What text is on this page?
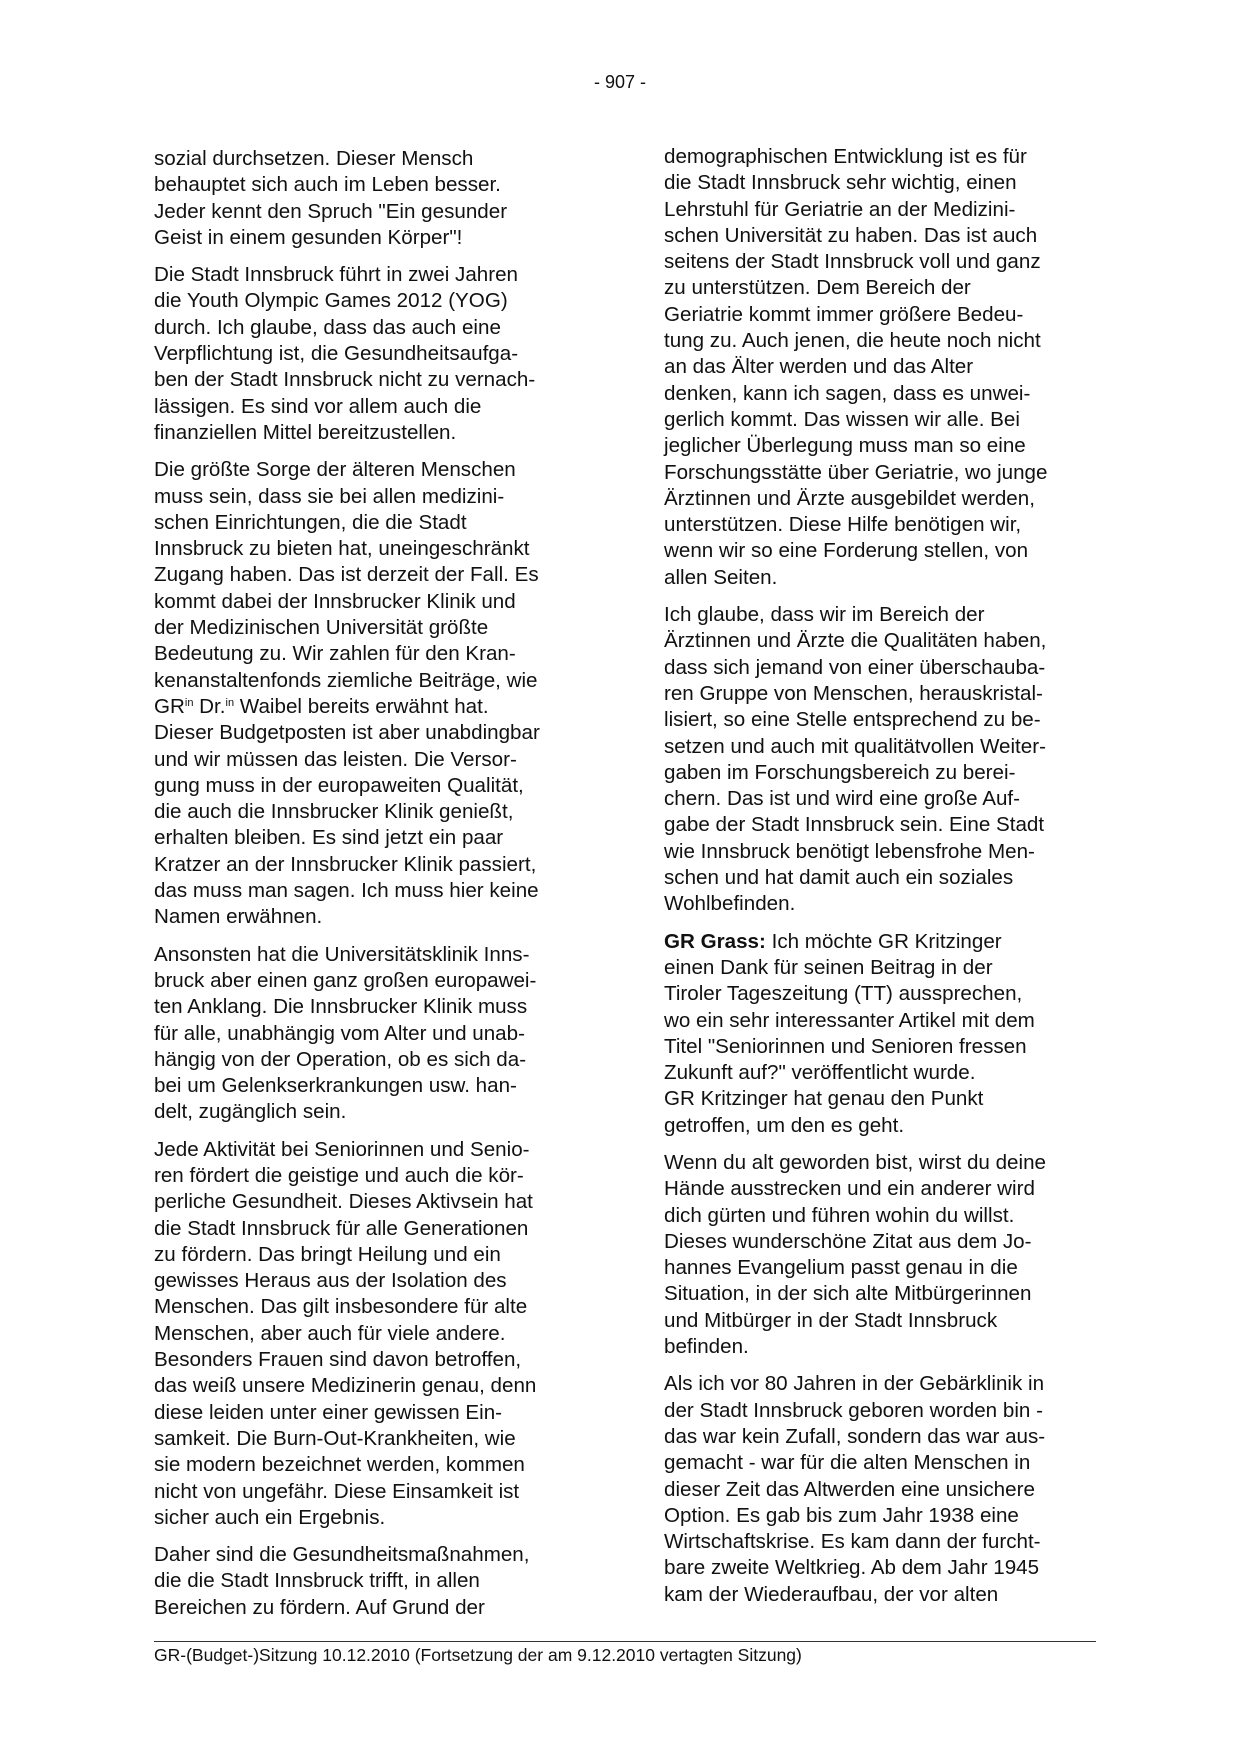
- 907 -

sozial durchsetzen. Dieser Mensch
behauptet sich auch im Leben besser.
Jeder kennt den Spruch "Ein gesunder
Geist in einem gesunden Körper"!

Die Stadt Innsbruck führt in zwei Jahren
die Youth Olympic Games 2012 (YOG)
durch. Ich glaube, dass das auch eine
Verpflichtung ist, die Gesundheitsaufga-
ben der Stadt Innsbruck nicht zu vernach-
lässigen. Es sind vor allem auch die
finanziellen Mittel bereitzustellen.

Die größte Sorge der älteren Menschen
muss sein, dass sie bei allen medizini-
schen Einrichtungen, die die Stadt
Innsbruck zu bieten hat, uneingeschränkt
Zugang haben. Das ist derzeit der Fall. Es
kommt dabei der Innsbrucker Klinik und
der Medizinischen Universität größte
Bedeutung zu. Wir zahlen für den Kran-
kenanstaltenfonds ziemliche Beiträge, wie
$GR^{in}$ Dr.$^{in}$ Waibel bereits erwähnt hat.
Dieser Budgetposten ist aber unabdingbar
und wir müssen das leisten. Die Versor-
gung muss in der europaweiten Qualität,
die auch die Innsbrucker Klinik genießt,
erhalten bleiben. Es sind jetzt ein paar
Kratzer an der Innsbrucker Klinik passiert,
das muss man sagen. Ich muss hier keine
Namen erwähnen.

Ansonsten hat die Universitätsklinik Inns-
bruck aber einen ganz großen europawei-
ten Anklang. Die Innsbrucker Klinik muss
für alle, unabhängig vom Alter und unab-
hängig von der Operation, ob es sich da-
bei um Gelenkserkrankungen usw. han-
delt, zugänglich sein.

Jede Aktivität bei Seniorinnen und Senio-
ren fördert die geistige und auch die kör-
perliche Gesundheit. Dieses Aktivsein hat
die Stadt Innsbruck für alle Generationen
zu fördern. Das bringt Heilung und ein
gewisses Heraus aus der Isolation des
Menschen. Das gilt insbesondere für alte
Menschen, aber auch für viele andere.
Besonders Frauen sind davon betroffen,
das weiß unsere Medizinerin genau, denn
diese leiden unter einer gewissen Ein-
samkeit. Die Burn-Out-Krankheiten, wie
sie modern bezeichnet werden, kommen
nicht von ungefähr. Diese Einsamkeit ist
sicher auch ein Ergebnis.

Daher sind die Gesundheitsmaßnahmen,
die die Stadt Innsbruck trifft, in allen
Bereichen zu fördern. Auf Grund der

demographischen Entwicklung ist es für
die Stadt Innsbruck sehr wichtig, einen
Lehrstuhl für Geriatrie an der Medizini-
schen Universität zu haben. Das ist auch
seitens der Stadt Innsbruck voll und ganz
zu unterstützen. Dem Bereich der
Geriatrie kommt immer größere Bedeu-
tung zu. Auch jenen, die heute noch nicht
an das Älter werden und das Alter
denken, kann ich sagen, dass es unwei-
gerlich kommt. Das wissen wir alle. Bei
jeglicher Überlegung muss man so eine
Forschungsstätte über Geriatrie, wo junge
Ärztinnen und Ärzte ausgebildet werden,
unterstützen. Diese Hilfe benötigen wir,
wenn wir so eine Forderung stellen, von
allen Seiten.

Ich glaube, dass wir im Bereich der
Ärztinnen und Ärzte die Qualitäten haben,
dass sich jemand von einer überschauba-
ren Gruppe von Menschen, herauskristal-
lisiert, so eine Stelle entsprechend zu be-
setzen und auch mit qualitätvollen Weiter-
gaben im Forschungsbereich zu berei-
chern. Das ist und wird eine große Auf-
gabe der Stadt Innsbruck sein. Eine Stadt
wie Innsbruck benötigt lebensfrohe Men-
schen und hat damit auch ein soziales
Wohlbefinden.

GR Grass: Ich möchte GR Kritzinger
einen Dank für seinen Beitrag in der
Tiroler Tageszeitung (TT) aussprechen,
wo ein sehr interessanter Artikel mit dem
Titel "Seniorinnen und Senioren fressen
Zukunft auf?" veröffentlicht wurde.
GR Kritzinger hat genau den Punkt
getroffen, um den es geht.

Wenn du alt geworden bist, wirst du deine
Hände ausstrecken und ein anderer wird
dich gürten und führen wohin du willst.
Dieses wunderschöne Zitat aus dem Jo-
hannes Evangelium passt genau in die
Situation, in der sich alte Mitbürgerinnen
und Mitbürger in der Stadt Innsbruck
befinden.

Als ich vor 80 Jahren in der Gebärklinik in
der Stadt Innsbruck geboren worden bin -
das war kein Zufall, sondern das war aus-
gemacht - war für die alten Menschen in
dieser Zeit das Altwerden eine unsichere
Option. Es gab bis zum Jahr 1938 eine
Wirtschaftskrise. Es kam dann der furcht-
bare zweite Weltkrieg. Ab dem Jahr 1945
kam der Wiederaufbau, der vor alten

GR-(Budget-)Sitzung 10.12.2010 (Fortsetzung der am 9.12.2010 vertagten Sitzung)
